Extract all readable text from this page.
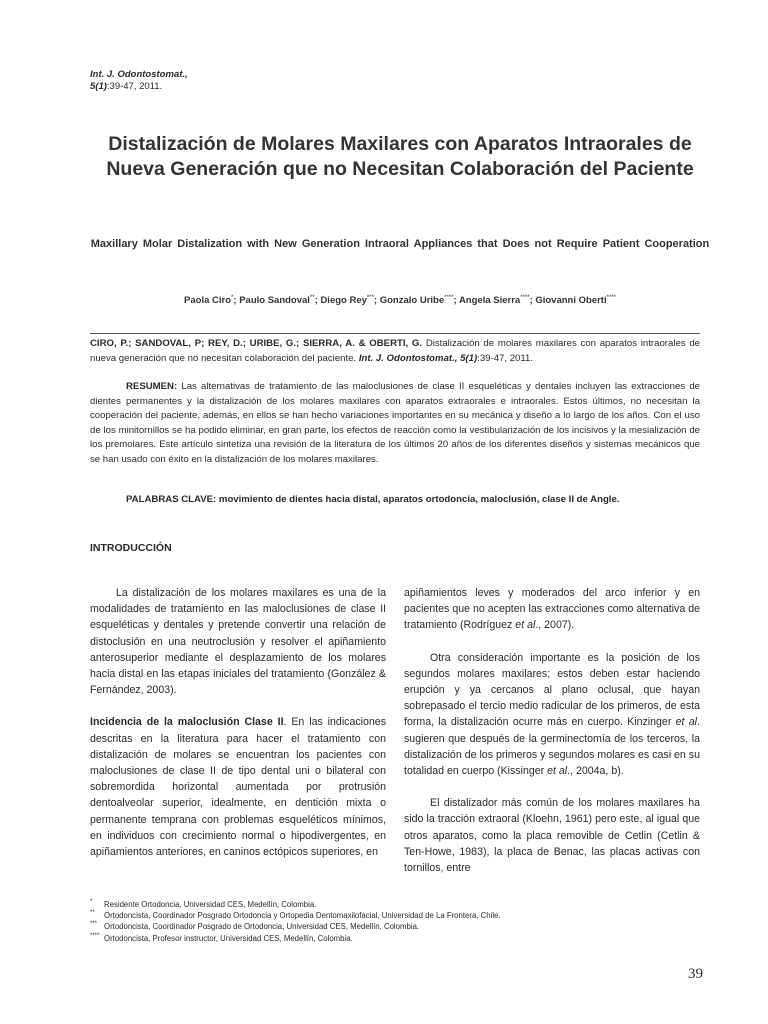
Int. J. Odontostomat.,
5(1):39-47, 2011.
Distalización de Molares Maxilares con Aparatos Intraorales de Nueva Generación que no Necesitan Colaboración del Paciente
Maxillary Molar Distalization with New Generation Intraoral Appliances that Does not Require Patient Cooperation
Paola Ciro*; Paulo Sandoval**; Diego Rey***; Gonzalo Uribe****; Angela Sierra****; Giovanni Oberti****
CIRO, P.; SANDOVAL, P; REY, D.; URIBE, G.; SIERRA, A. & OBERTI, G. Distalización de molares maxilares con aparatos intraorales de nueva generación que no necesitan colaboración del paciente. Int. J. Odontostomat., 5(1):39-47, 2011.

RESUMEN: Las alternativas de tratamiento de las maloclusiones de clase II esqueléticas y dentales incluyen las extracciones de dientes permanentes y la distalización de los molares maxilares con aparatos extraorales e intraorales. Estos últimos, no necesitan la cooperación del paciente, además, en ellos se han hecho variaciones importantes en su mecánica y diseño a lo largo de los años. Con el uso de los minitornillos se ha podido eliminar, en gran parte, los efectos de reacción como la vestibularización de los incisivos y la mesialización de los premolares. Este artículo sintetiza una revisión de la literatura de los últimos 20 años de los diferentes diseños y sistemas mecánicos que se han usado con éxito en la distalización de los molares maxilares.

PALABRAS CLAVE: movimiento de dientes hacia distal, aparatos ortodoncia, maloclusión, clase II de Angle.

INTRODUCCIÓN

La distalización de los molares maxilares es una de la modalidades de tratamiento en las maloclusiones de clase II esqueléticas y dentales y pretende convertir una relación de distoclusión en una neutroclusión y resolver el apiñamiento anterosuperior mediante el desplazamiento de los molares hacia distal en las etapas iniciales del tratamiento (González & Fernández, 2003).

Incidencia de la maloclusión Clase II. En las indicaciones descritas en la literatura para hacer el tratamiento con distalización de molares se encuentran los pacientes con maloclusiones de clase II de tipo dental uni o bilateral con sobremordida horizontal aumentada por protrusión dentoalveolar superior, idealmente, en dentición mixta o permanente temprana con problemas esqueléticos mínimos, en individuos con crecimiento normal o hipodivergentes, en apiñamientos anteriores, en caninos ectópicos superiores, en

apiñamientos leves y moderados del arco inferior y en pacientes que no acepten las extracciones como alternativa de tratamiento (Rodríguez et al., 2007).

Otra consideración importante es la posición de los segundos molares maxilares; estos deben estar haciendo erupción y ya cercanos al plano oclusal, que hayan sobrepasado el tercio medio radicular de los primeros, de esta forma, la distalización ocurre más en cuerpo. Kinzinger et al. sugieren que después de la germinectomía de los terceros, la distalización de los primeros y segundos molares es casi en su totalidad en cuerpo (Kissinger et al., 2004a, b).

El distalizador más común de los molares maxilares ha sido la tracción extraoral (Kloehn, 1961) pero este, al igual que otros aparatos, como la placa removible de Cetlin (Cetlin & Ten-Howe, 1983), la placa de Benac, las placas activas con tornillos, entre

* Residente Ortodoncia, Universidad CES, Medellín, Colombia.
** Ortodoncista, Coordinador Posgrado Ortodoncia y Ortopedia Dentomaxilofacial, Universidad de La Frontera, Chile.
*** Ortodoncista, Coordinador Posgrado de Ortodoncia, Universidad CES, Medellín, Colombia.
**** Ortodoncista, Profesor instructor, Universidad CES, Medellín, Colombia.
39
